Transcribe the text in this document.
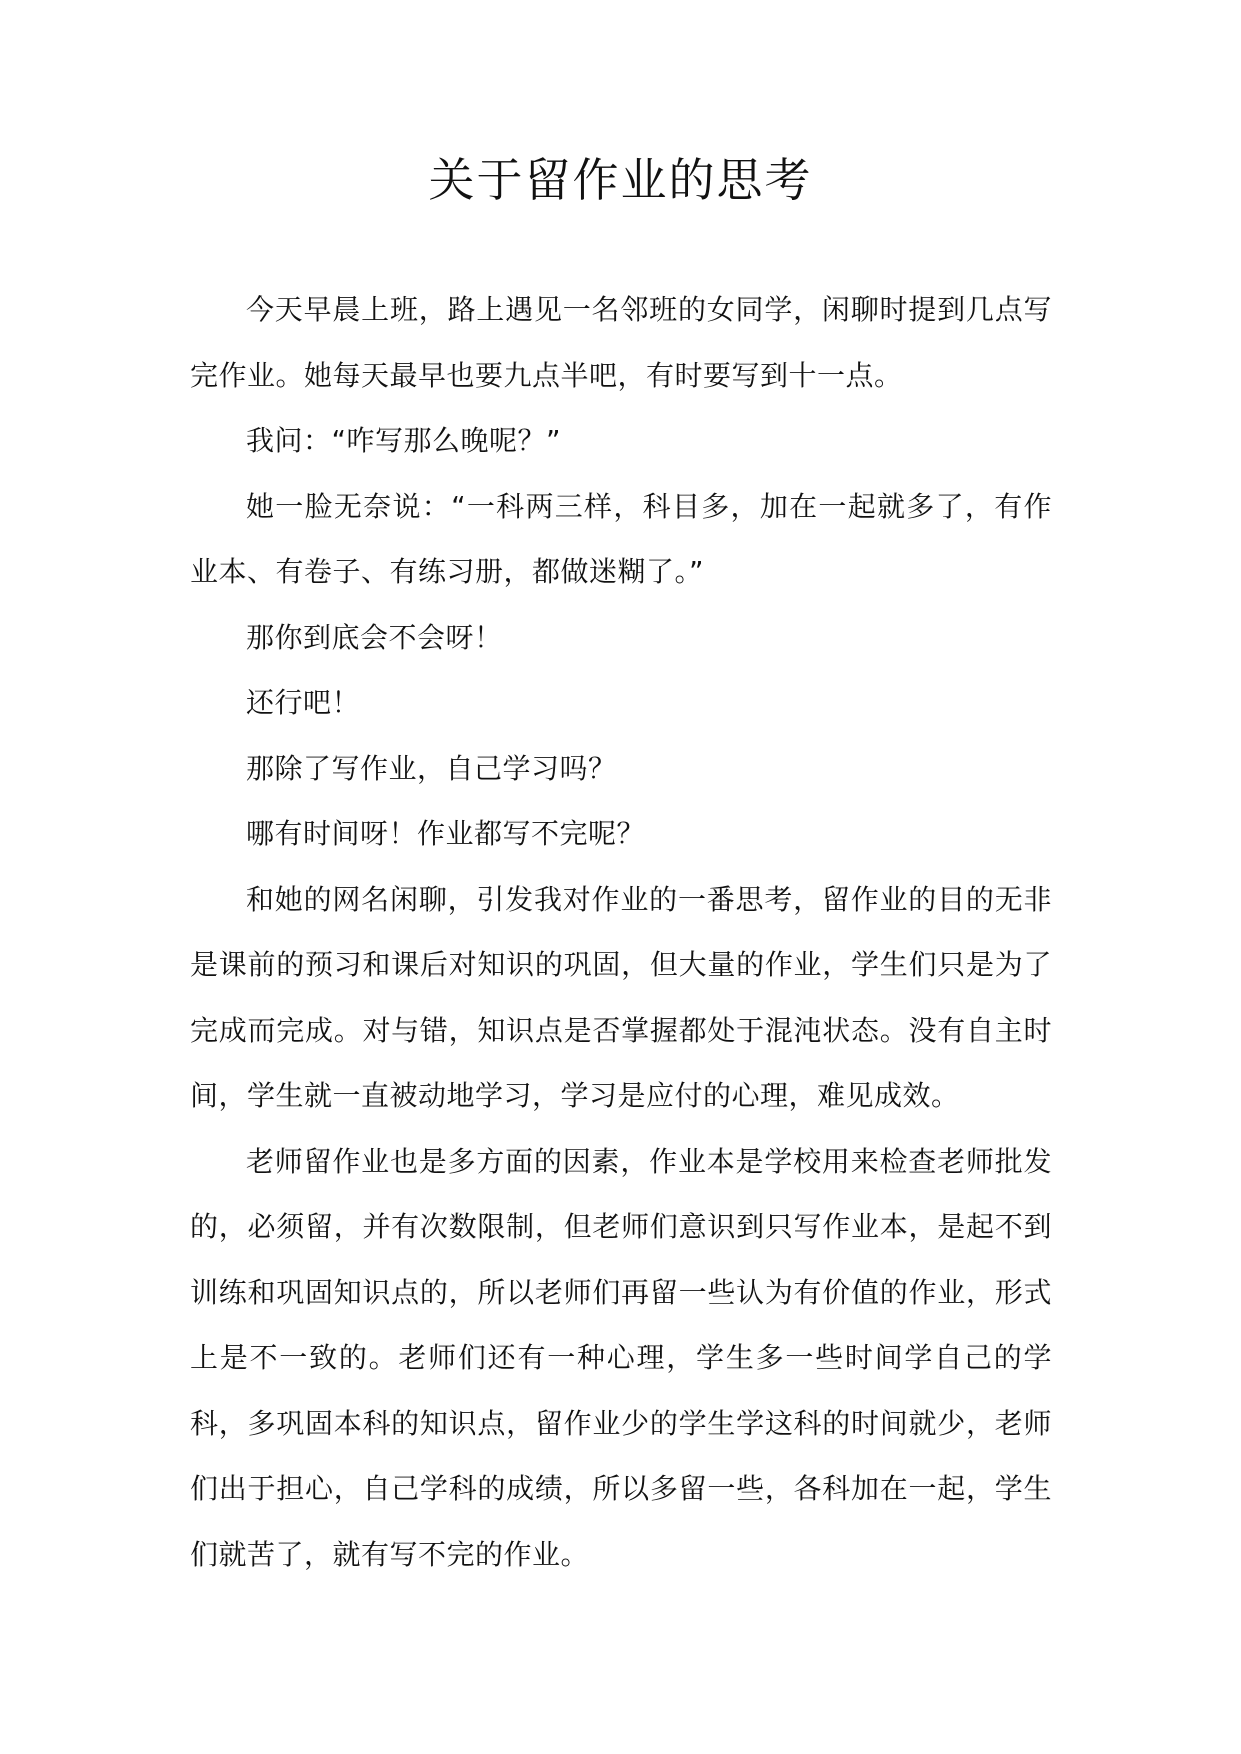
关于留作业的思考

今天早晨上班，路上遇见一名邻班的女同学，闲聊时提到几点写完作业。她每天最早也要九点半吧，有时要写到十一点。

我问：“咋写那么晚呢？”

她一脸无奈说：“一科两三样，科目多，加在一起就多了，有作业本、有卷子、有练习册，都做迷糊了。”

那你到底会不会呀！

还行吧！

那除了写作业，自己学习吗？

哪有时间呀！作业都写不完呢？

和她的网名闲聊，引发我对作业的一番思考，留作业的目的无非是课前的预习和课后对知识的巩固，但大量的作业，学生们只是为了完成而完成。对与错，知识点是否掌握都处于混沌状态。没有自主时间，学生就一直被动地学习，学习是应付的心理，难见成效。

老师留作业也是多方面的因素，作业本是学校用来检查老师批发的，必须留，并有次数限制，但老师们意识到只写作业本，是起不到训练和巩固知识点的，所以老师们再留一些认为有价值的作业，形式上是不一致的。老师们还有一种心理，学生多一些时间学自己的学科，多巩固本科的知识点，留作业少的学生学这科的时间就少，老师们出于担心，自己学科的成绩，所以多留一些，各科加在一起，学生们就苦了，就有写不完的作业。
